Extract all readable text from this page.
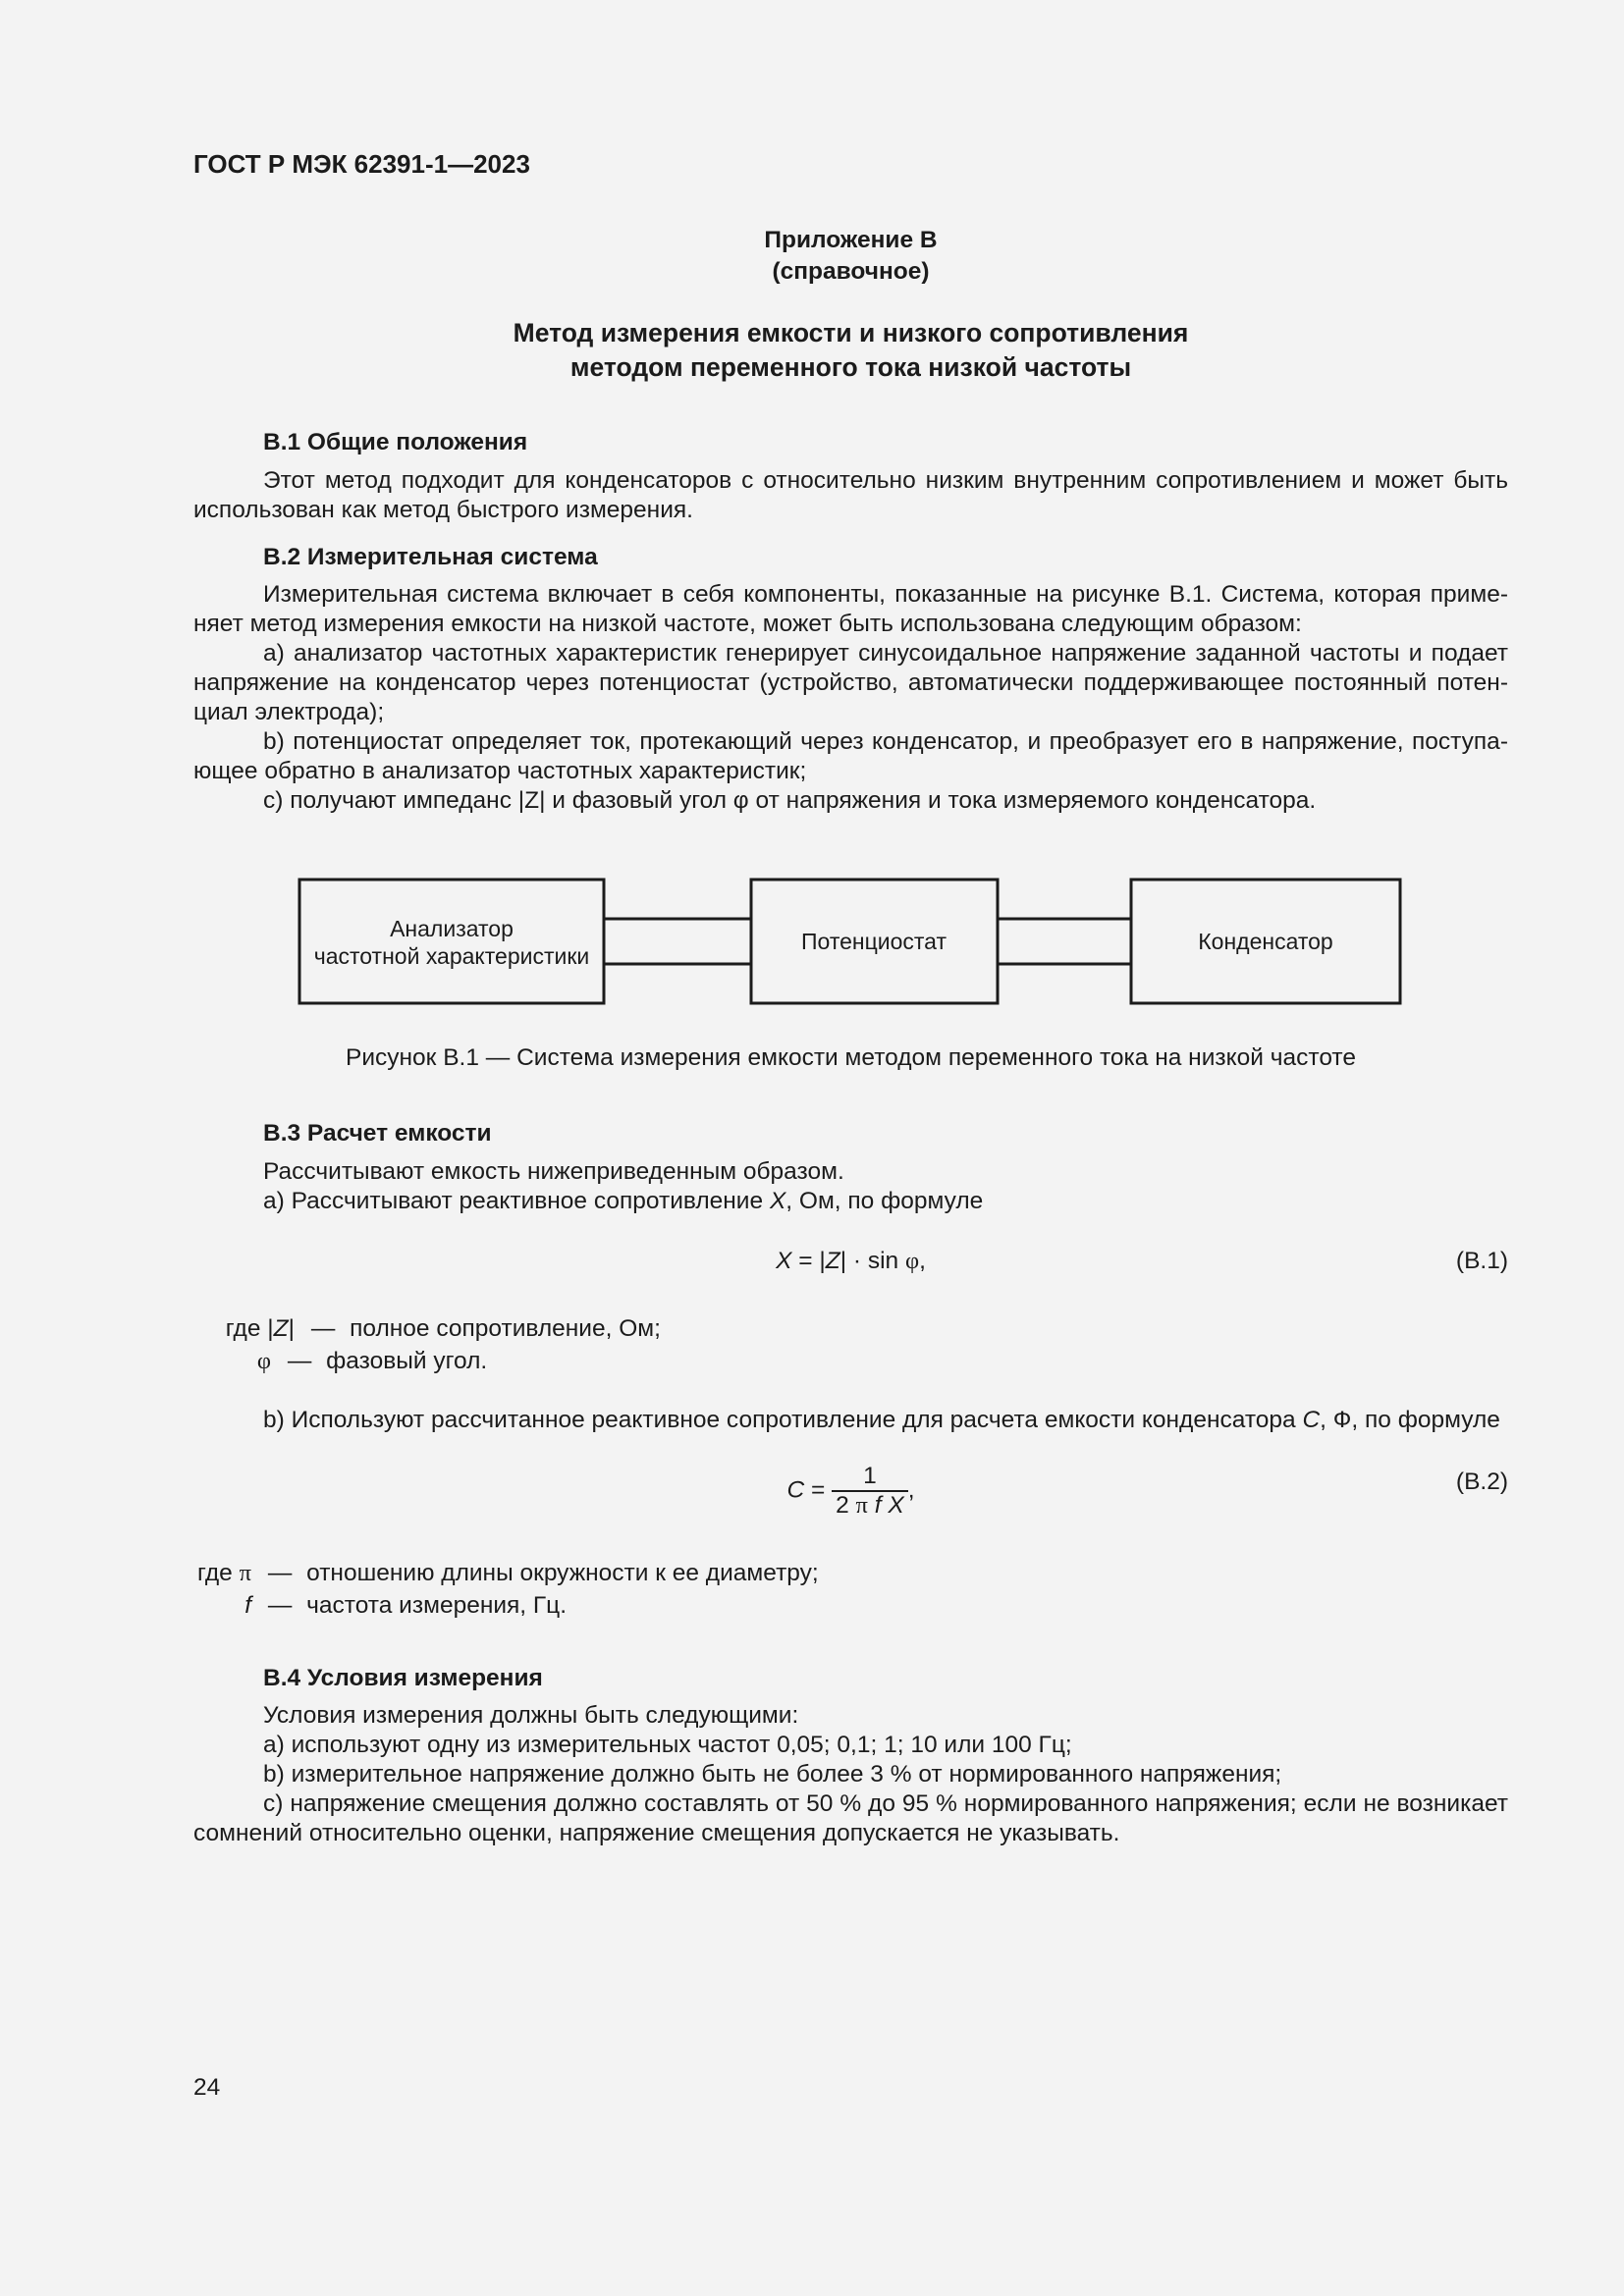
ГОСТ Р МЭК 62391-1—2023
Приложение B
(справочное)
Метод измерения емкости и низкого сопротивления
методом переменного тока низкой частоты
B.1 Общие положения

Этот метод подходит для конденсаторов с относительно низким внутренним сопротивлением и может быть использован как метод быстрого измерения.

B.2 Измерительная система

Измерительная система включает в себя компоненты, показанные на рисунке B.1. Система, которая применяет метод измерения емкости на низкой частоте, может быть использована следующим образом:

a) анализатор частотных характеристик генерирует синусоидальное напряжение заданной частоты и подает напряжение на конденсатор через потенциостат (устройство, автоматически поддерживающее постоянный потенциал электрода);

b) потенциостат определяет ток, протекающий через конденсатор, и преобразует его в напряжение, поступающее обратно в анализатор частотных характеристик;

c) получают импеданс |Z| и фазовый угол φ от напряжения и тока измеряемого конденсатора.

Анализатор
частотной характеристики
Потенциостат	Конденсатор
Рисунок B.1 — Система измерения емкости методом переменного тока на низкой частоте
B.3 Расчет емкости
Рассчитывают емкость нижеприведенным образом.
a) Рассчитывают реактивное сопротивление X, Ом, по формуле
X = |Z| · sin φ,	(B.1)
где |Z| — полное сопротивление, Ом;
φ — фазовый угол.
b) Используют рассчитанное реактивное сопротивление для расчета емкости конденсатора C, Ф, по формуле
$C = \frac{1}{\text{2 π f X}}$ ,	(B.2)
где π — отношению длины окружности к ее диаметру;
f — частота измерения, Гц.
B.4 Условия измерения

Условия измерения должны быть следующими:

a) используют одну из измерительных частот 0,05; 0,1; 1; 10 или 100 Гц;

b) измерительное напряжение должно быть не более 3 % от нормированного напряжения;

c) напряжение смещения должно составлять от 50 % до 95 % нормированного напряжения; если не возникает сомнений относительно оценки, напряжение смещения допускается не указывать.

24
